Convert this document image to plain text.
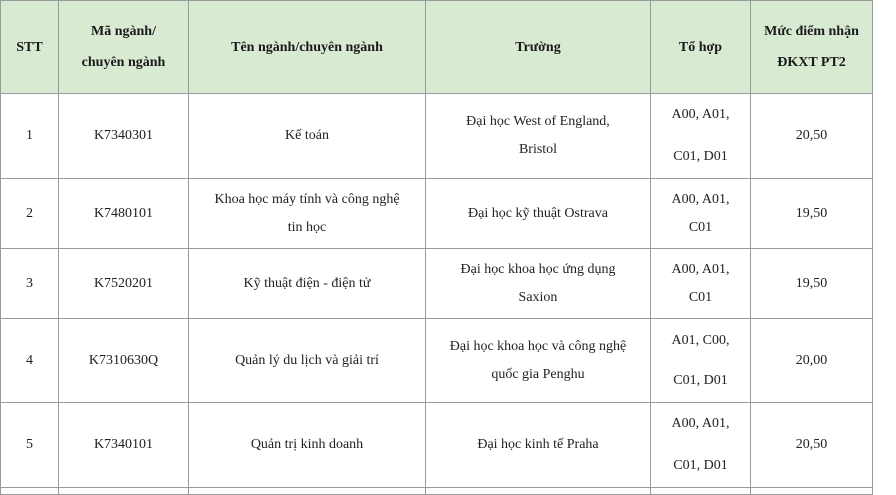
STT	Mã ngành/
chuyên ngành	Tên ngành/chuyên ngành	Trường	Tổ hợp	Mức điểm nhận
ĐKXT PT2

1	K7340301	Kế toán	Đại học West of England,
Bristol	A00, A01,
C01, D01	20,50
2	K7480101	Khoa học máy tính và công nghệ
tin học	Đại học kỹ thuật Ostrava	A00, A01,
C01	19,50
3	K7520201	Kỹ thuật điện - điện tử	Đại học khoa học ứng dụng
Saxion	A00, A01,
C01	19,50
4	K7310630Q	Quản lý du lịch và giải trí	Đại học khoa học và công nghệ
quốc gia Penghu	A01, C00,
C01, D01	20,00
5	K7340101	Quản trị kinh doanh	Đại học kinh tế Praha	A00, A01,
C01, D01	20,50
